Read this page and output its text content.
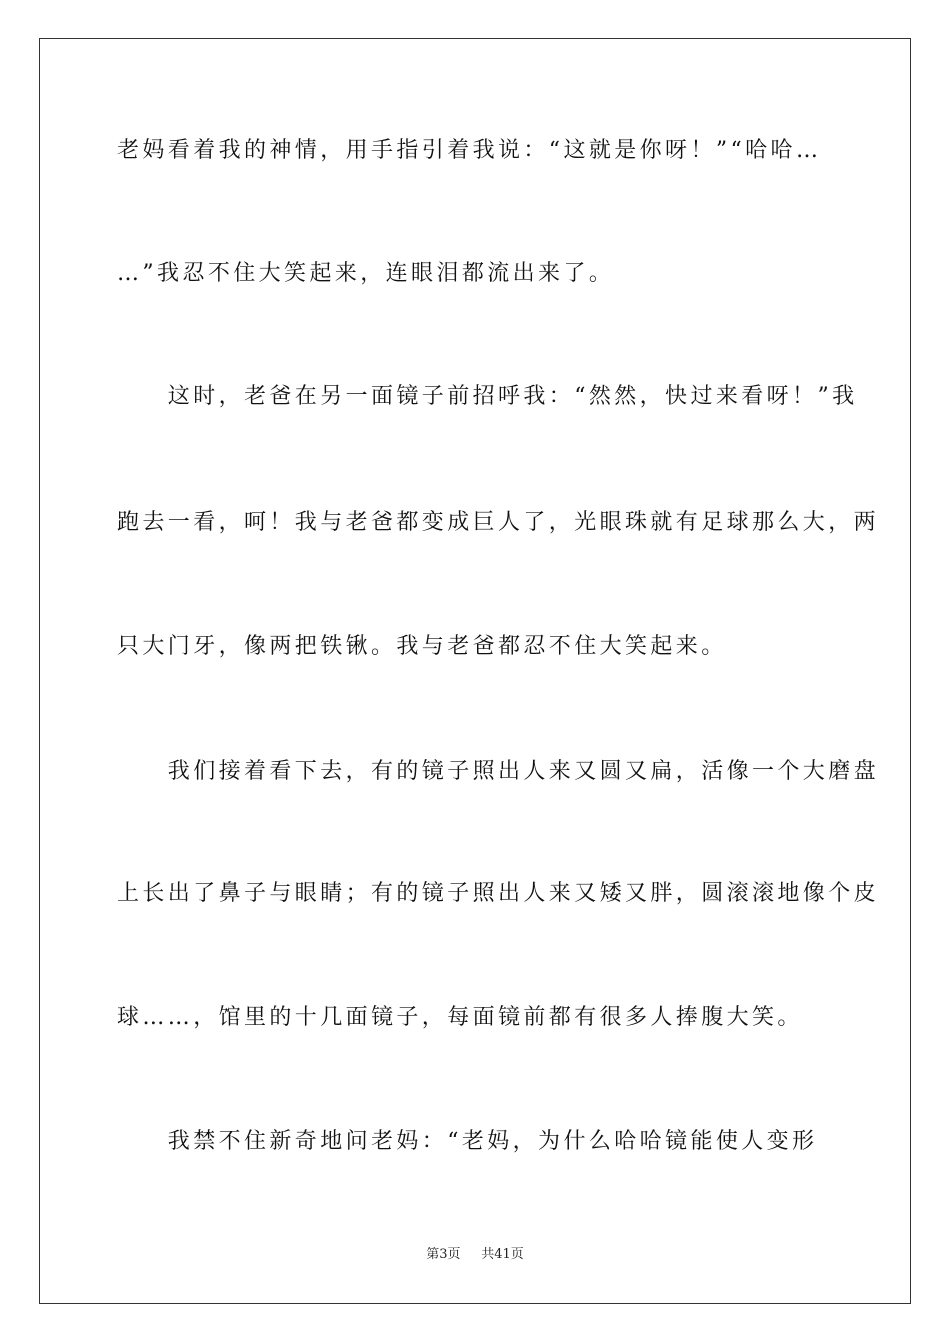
老妈看着我的神情，用手指引着我说：“这就是你呀！”“哈哈…
…”我忍不住大笑起来，连眼泪都流出来了。
　　这时，老爸在另一面镜子前招呼我：“然然，快过来看呀！”我
跑去一看，呵！我与老爸都变成巨人了，光眼珠就有足球那么大，两
只大门牙，像两把铁锹。我与老爸都忍不住大笑起来。
　　我们接着看下去，有的镜子照出人来又圆又扁，活像一个大磨盘
上长出了鼻子与眼睛；有的镜子照出人来又矮又胖，圆滚滚地像个皮
球……，馆里的十几面镜子，每面镜前都有很多人捧腹大笑。
　　我禁不住新奇地问老妈：“老妈，为什么哈哈镜能使人变形
第3页 共41页
